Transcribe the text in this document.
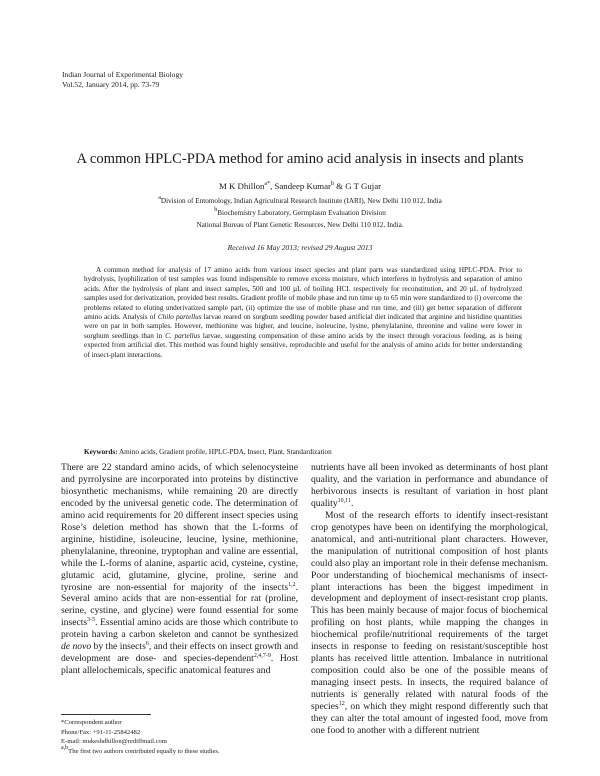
Indian Journal of Experimental Biology
Vol.52, January 2014, pp. 73-79
A common HPLC-PDA method for amino acid analysis in insects and plants
M K Dhillon$^{a*}$, Sandeep Kumar$^b$ & G T Gujar
$^a$Division of Entomology, Indian Agricultural Research Institute (IARI), New Delhi 110 012, India
$^b$Biochemistry Laboratory, Germplasm Evaluation Division
National Bureau of Plant Genetic Resources, New Delhi 110 012, India.
Received 16 May 2013; revised 29 August 2013

A common method for analysis of 17 amino acids from various insect species and plant parts was standardized using HPLC-PDA. Prior to hydrolysis, lyophilization of test samples was found indispensible to remove excess moisture, which interferes in hydrolysis and separation of amino acids. After the hydrolysis of plant and insect samples, 500 and 100 µL of boiling HCL respectively for reconstitution, and 20 µL of hydrolyzed samples used for derivatization, provided best results. Gradient profile of mobile phase and run time up to 65 min were standardized to (i) overcome the problems related to eluting underivatized sample part, (ii) optimize the use of mobile phase and run time, and (iii) get better separation of different amino acids. Analysis of Chilo partellus larvae reared on sorghum seedling powder based artificial diet indicated that arginine and histidine quantities were on par in both samples. However, methionine was higher, and leucine, isoleucine, lysine, phenylalanine, threonine and valine were lower in sorghum seedlings than in C. partellus larvae, suggesting compensation of these amino acids by the insect through voracious feeding, as is being expected from artificial diet. This method was found highly sensitive, reproducible and useful for the analysis of amino acids for better understanding of insect-plant interactions.

Keywords: Amino acids, Gradient profile, HPLC-PDA, Insect, Plant, Standardization

There are 22 standard amino acids, of which selenocysteine and pyrrolysine are incorporated into proteins by distinctive biosynthetic mechanisms, while remaining 20 are directly encoded by the universal genetic code. The determination of amino acid requirements for 20 different insect species using Rose’s deletion method has shown that the L-forms of arginine, histidine, isoleucine, leucine, lysine, methionine, phenylalanine, threonine, tryptophan and valine are essential, while the L-forms of alanine, aspartic acid, cysteine, cystine, glutamic acid, glutamine, glycine, proline, serine and tyrosine are non-essential for majority of the insects$^{1,2}$. Several amino acids that are non-essential for rat (proline, serine, cystine, and glycine) were found essential for some insects$^{3-5}$. Essential amino acids are those which contribute to protein having a carbon skeleton and cannot be synthesized de novo by the insects$^6$, and their effects on insect growth and development are dose- and species-dependent$^{2,4,7-9}$. Host plant allelochemicals, specific anatomical features and

nutrients have all been invoked as determinants of host plant quality, and the variation in performance and abundance of herbivorous insects is resultant of variation in host plant quality$^{10,11}$.

Most of the research efforts to identify insect-resistant crop genotypes have been on identifying the morphological, anatomical, and anti-nutritional plant characters. However, the manipulation of nutritional composition of host plants could also play an important role in their defense mechanism. Poor understanding of biochemical mechanisms of insect-plant interactions has been the biggest impediment in development and deployment of insect-resistant crop plants. This has been mainly because of major focus of biochemical profiling on host plants, while mapping the changes in biochemical profile/nutritional requirements of the target insects in response to feeding on resistant/susceptible host plants has received little attention. Imbalance in nutritional composition could also be one of the possible means of managing insect pests. In insects, the required balance of nutrients is generally related with natural foods of the species$^{12}$, on which they might respond differently such that they can alter the total amount of ingested food, move from one food to another with a different nutrient

*Correspondent author
Phone/Fax: +91-11-25842482
E-mail: mukeshdhillon@rediffmail.com
$^{a,b}$The first two authors contributed equally to these studies.
